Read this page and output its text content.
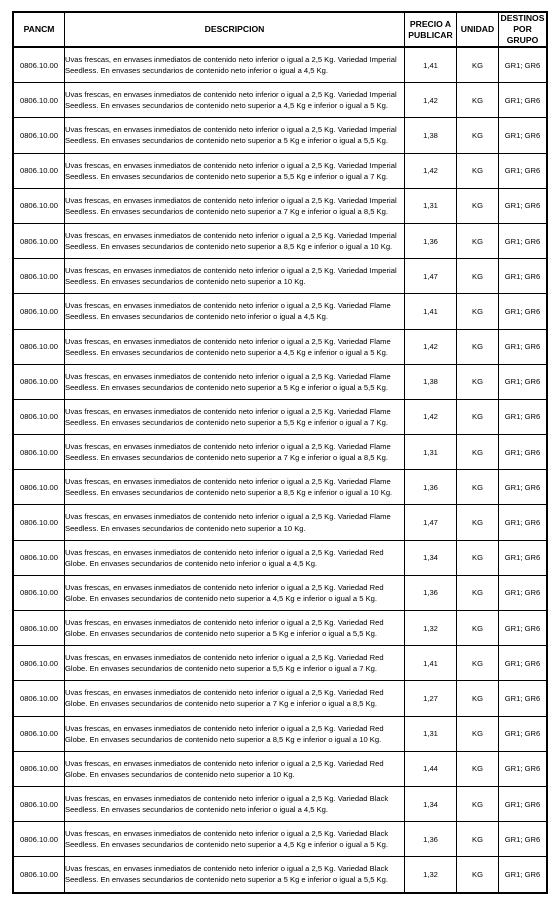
PANCM	DESCRIPCION	PRECIO A PUBLICAR	UNIDAD	DESTINOS POR GRUPO
0806.10.00	Uvas frescas, en envases inmediatos de contenido neto inferior o igual a 2,5 Kg. Variedad Imperial Seedless. En envases secundarios de contenido neto inferior o igual a 4,5 Kg.	1,41	KG	GR1; GR6
0806.10.00	Uvas frescas, en envases inmediatos de contenido neto inferior o igual a 2,5 Kg. Variedad Imperial Seedless. En envases secundarios de contenido neto superior a 4,5 Kg e inferior o igual a 5 Kg.	1,42	KG	GR1; GR6
0806.10.00	Uvas frescas, en envases inmediatos de contenido neto inferior o igual a 2,5 Kg. Variedad Imperial Seedless. En envases secundarios de contenido neto superior a 5 Kg e inferior o igual a 5,5 Kg.	1,38	KG	GR1; GR6
0806.10.00	Uvas frescas, en envases inmediatos de contenido neto inferior o igual a 2,5 Kg. Variedad Imperial Seedless. En envases secundarios de contenido neto superior a 5,5 Kg e inferior o igual a 7 Kg.	1,42	KG	GR1; GR6
0806.10.00	Uvas frescas, en envases inmediatos de contenido neto inferior o igual a 2,5 Kg. Variedad Imperial Seedless. En envases secundarios de contenido neto superior a 7 Kg e inferior o igual a 8,5 Kg.	1,31	KG	GR1; GR6
0806.10.00	Uvas frescas, en envases inmediatos de contenido neto inferior o igual a 2,5 Kg. Variedad Imperial Seedless. En envases secundarios de contenido neto superior a 8,5 Kg e inferior o igual a 10 Kg.	1,36	KG	GR1; GR6
0806.10.00	Uvas frescas, en envases inmediatos de contenido neto inferior o igual a 2,5 Kg. Variedad Imperial Seedless. En envases secundarios de contenido neto superior a 10 Kg.	1,47	KG	GR1; GR6
0806.10.00	Uvas frescas, en envases inmediatos de contenido neto inferior o igual a 2,5 Kg. Variedad Flame Seedless. En envases secundarios de contenido neto inferior o igual a 4,5 Kg.	1,41	KG	GR1; GR6
0806.10.00	Uvas frescas, en envases inmediatos de contenido neto inferior o igual a 2,5 Kg. Variedad Flame Seedless. En envases secundarios de contenido neto superior a 4,5 Kg e inferior o igual a 5 Kg.	1,42	KG	GR1; GR6
0806.10.00	Uvas frescas, en envases inmediatos de contenido neto inferior o igual a 2,5 Kg. Variedad Flame Seedless. En envases secundarios de contenido neto superior a 5 Kg e inferior o igual a 5,5 Kg.	1,38	KG	GR1; GR6
0806.10.00	Uvas frescas, en envases inmediatos de contenido neto inferior o igual a 2,5 Kg. Variedad Flame Seedless. En envases secundarios de contenido neto superior a 5,5 Kg e inferior o igual a 7 Kg.	1,42	KG	GR1; GR6
0806.10.00	Uvas frescas, en envases inmediatos de contenido neto inferior o igual a 2,5 Kg. Variedad Flame Seedless. En envases secundarios de contenido neto superior a 7 Kg e inferior o igual a 8,5 Kg.	1,31	KG	GR1; GR6
0806.10.00	Uvas frescas, en envases inmediatos de contenido neto inferior o igual a 2,5 Kg. Variedad Flame Seedless. En envases secundarios de contenido neto superior a 8,5 Kg e inferior o igual a 10 Kg.	1,36	KG	GR1; GR6
0806.10.00	Uvas frescas, en envases inmediatos de contenido neto inferior o igual a 2,5 Kg. Variedad Flame Seedless. En envases secundarios de contenido neto superior a 10 Kg.	1,47	KG	GR1; GR6
0806.10.00	Uvas frescas, en envases inmediatos de contenido neto inferior o igual a 2,5 Kg. Variedad Red Globe. En envases secundarios de contenido neto inferior o igual a 4,5 Kg.	1,34	KG	GR1; GR6
0806.10.00	Uvas frescas, en envases inmediatos de contenido neto inferior o igual a 2,5 Kg. Variedad Red Globe. En envases secundarios de contenido neto superior a 4,5 Kg e inferior o igual a 5 Kg.	1,36	KG	GR1; GR6
0806.10.00	Uvas frescas, en envases inmediatos de contenido neto inferior o igual a 2,5 Kg. Variedad Red Globe. En envases secundarios de contenido neto superior a 5 Kg e inferior o igual a 5,5 Kg.	1,32	KG	GR1; GR6
0806.10.00	Uvas frescas, en envases inmediatos de contenido neto inferior o igual a 2,5 Kg. Variedad Red Globe. En envases secundarios de contenido neto superior a 5,5 Kg e inferior o igual a 7 Kg.	1,41	KG	GR1; GR6
0806.10.00	Uvas frescas, en envases inmediatos de contenido neto inferior o igual a 2,5 Kg. Variedad Red Globe. En envases secundarios de contenido neto superior a 7 Kg e inferior o igual a 8,5 Kg.	1,27	KG	GR1; GR6
0806.10.00	Uvas frescas, en envases inmediatos de contenido neto inferior o igual a 2,5 Kg. Variedad Red Globe. En envases secundarios de contenido neto superior a 8,5 Kg e inferior o igual a 10 Kg.	1,31	KG	GR1; GR6
0806.10.00	Uvas frescas, en envases inmediatos de contenido neto inferior o igual a 2,5 Kg. Variedad Red Globe. En envases secundarios de contenido neto superior a 10 Kg.	1,44	KG	GR1; GR6
0806.10.00	Uvas frescas, en envases inmediatos de contenido neto inferior o igual a 2,5 Kg. Variedad Black Seedless. En envases secundarios de contenido neto inferior o igual a 4,5 Kg.	1,34	KG	GR1; GR6
0806.10.00	Uvas frescas, en envases inmediatos de contenido neto inferior o igual a 2,5 Kg. Variedad Black Seedless. En envases secundarios de contenido neto superior a 4,5 Kg e inferior o igual a 5 Kg.	1,36	KG	GR1; GR6
0806.10.00	Uvas frescas, en envases inmediatos de contenido neto inferior o igual a 2,5 Kg. Variedad Black Seedless. En envases secundarios de contenido neto superior a 5 Kg e inferior o igual a 5,5 Kg.	1,32	KG	GR1; GR6
